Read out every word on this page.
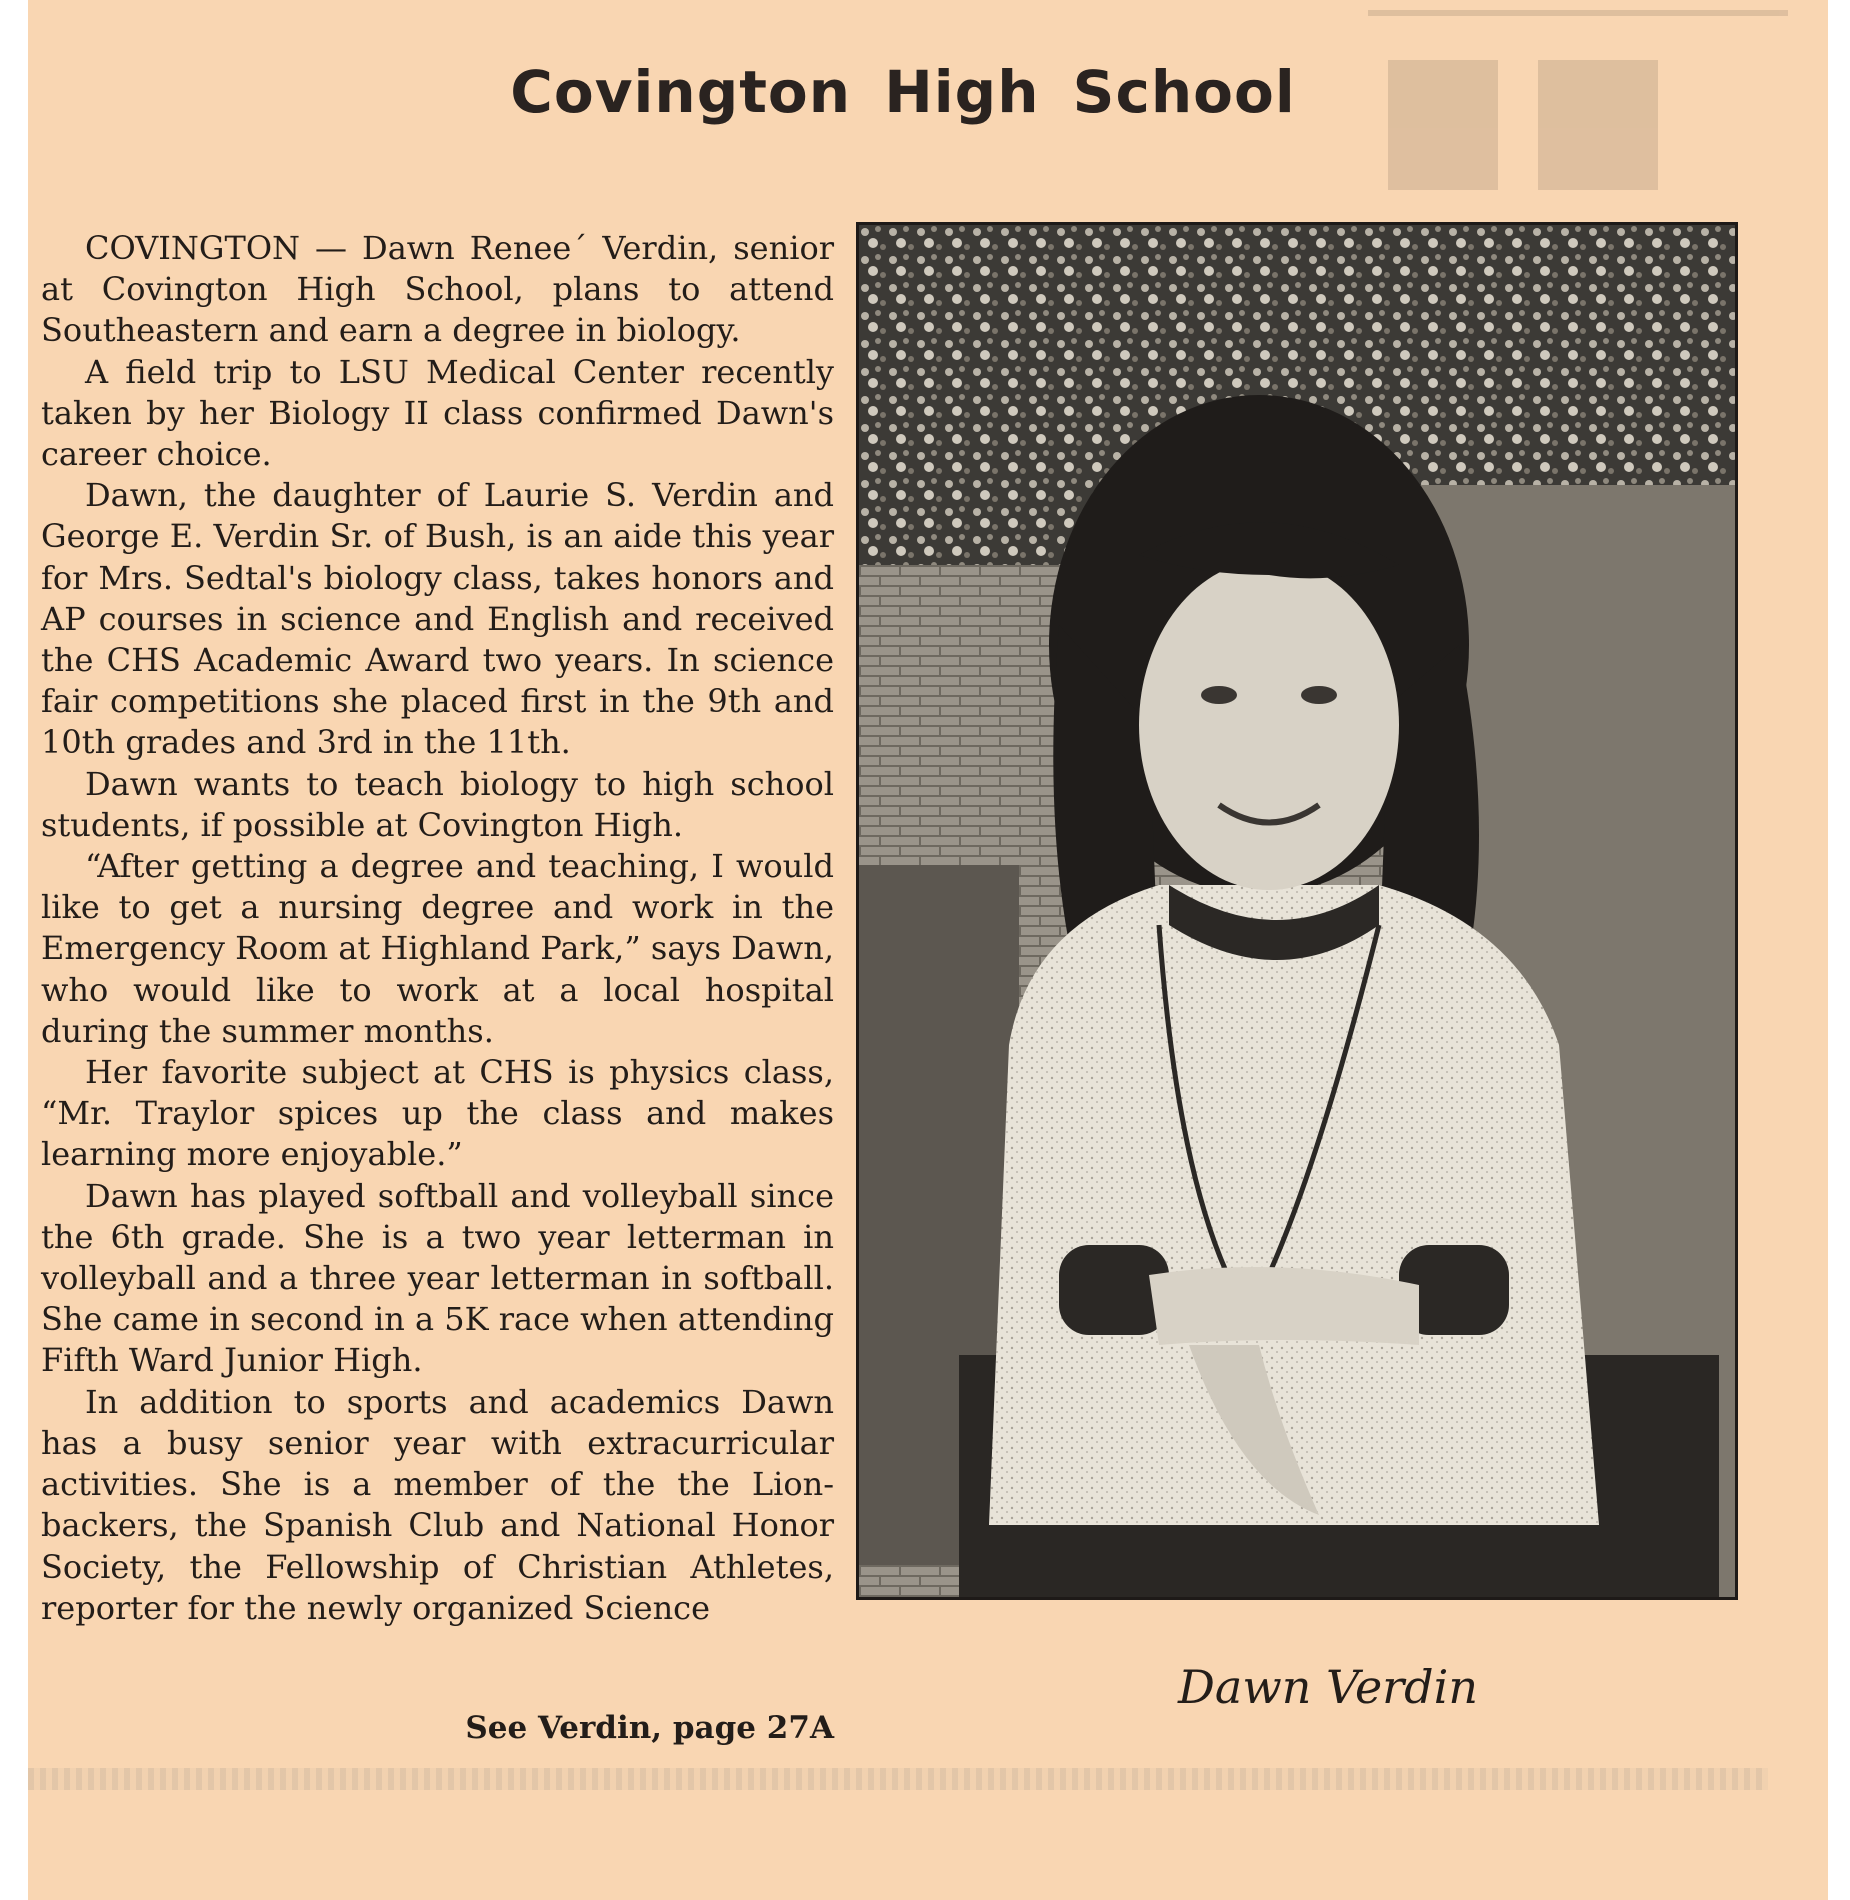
Covington High School

COVINGTON — Dawn Renee´ Verdin, senior at Covington High School, plans to attend Southeastern and earn a degree in biology.

A field trip to LSU Medical Center recently taken by her Biology II class confirmed Dawn's career choice.

Dawn, the daughter of Laurie S. Verdin and George E. Verdin Sr. of Bush, is an aide this year for Mrs. Sedtal's biology class, takes honors and AP courses in science and English and received the CHS Academic Award two years. In science fair competitions she placed first in the 9th and 10th grades and 3rd in the 11th.

Dawn wants to teach biology to high school students, if possible at Covington High.

“After getting a degree and teaching, I would like to get a nursing degree and work in the Emergency Room at Highland Park,” says Dawn, who would like to work at a local hospital during the summer months.

Her favorite subject at CHS is physics class, “Mr. Traylor spices up the class and makes learning more enjoyable.”

Dawn has played softball and volleyball since the 6th grade. She is a two year letterman in volleyball and a three year letterman in softball. She came in second in a 5K race when attending Fifth Ward Junior High.

In addition to sports and academics Dawn has a busy senior year with extracurricular activities. She is a member of the the Lionbackers, the Spanish Club and National Honor Society, the Fellowship of Christian Athletes, reporter for the newly organized Science

See Verdin, page 27A
Dawn Verdin
